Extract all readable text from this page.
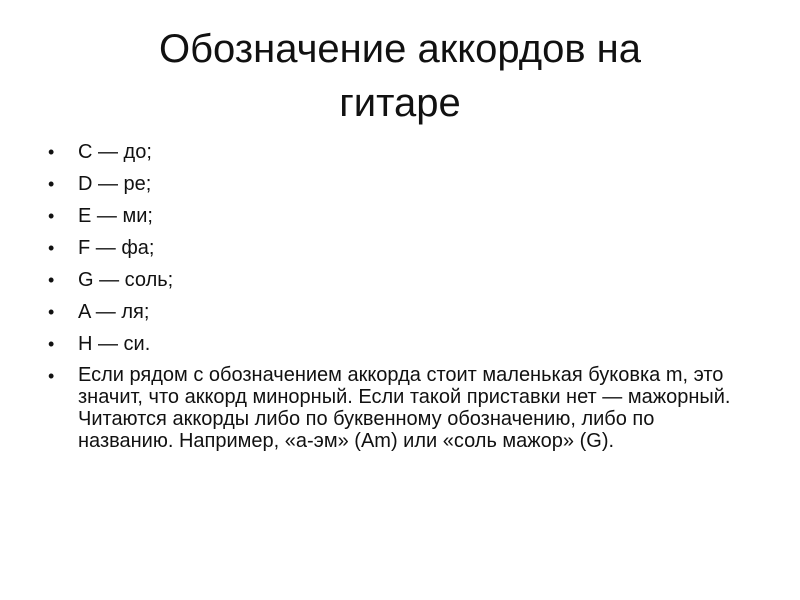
Обозначение аккордов на
гитаре
•	C — до;
•	D — ре;
•	E — ми;
•	F — фа;
•	G — соль;
•	A — ля;
•	H — си.
•	Если рядом с обозначением аккорда стоит маленькая буковка m, это значит, что аккорд минорный. Если такой приставки нет — мажорный. Читаются аккорды либо по буквенному обозначению, либо по названию. Например, «а-эм» (Am) или «соль мажор» (G).
